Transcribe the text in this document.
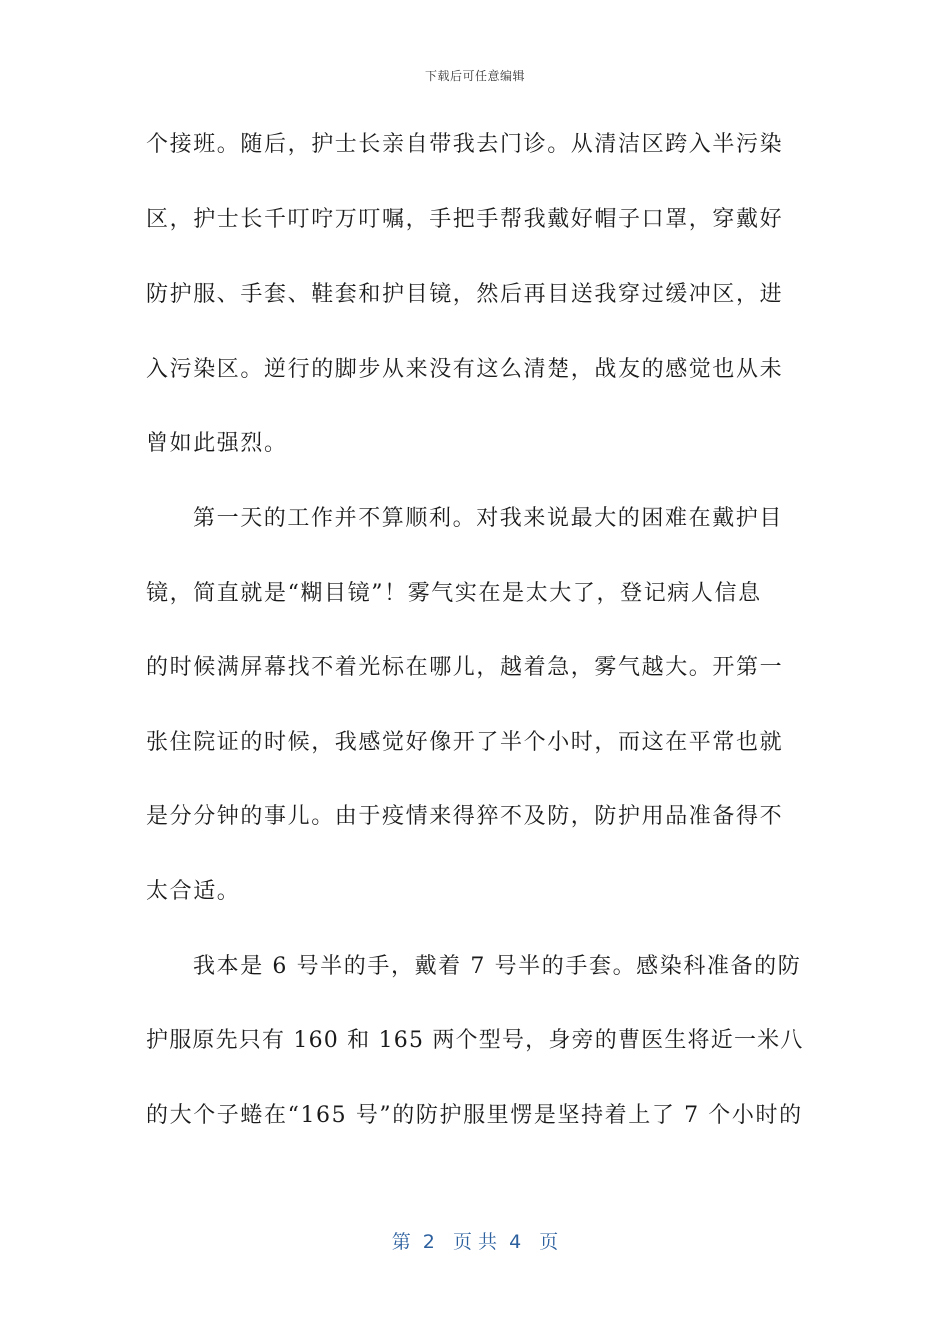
下载后可任意编辑
个接班。随后，护士长亲自带我去门诊。从清洁区跨入半污染
区，护士长千叮咛万叮嘱，手把手帮我戴好帽子口罩，穿戴好
防护服、手套、鞋套和护目镜，然后再目送我穿过缓冲区，进
入污染区。逆行的脚步从来没有这么清楚，战友的感觉也从未
曾如此强烈。
第一天的工作并不算顺利。对我来说最大的困难在戴护目
镜，简直就是“糊目镜”！雾气实在是太大了，登记病人信息
的时候满屏幕找不着光标在哪儿，越着急，雾气越大。开第一
张住院证的时候，我感觉好像开了半个小时，而这在平常也就
是分分钟的事儿。由于疫情来得猝不及防，防护用品准备得不
太合适。
我本是 6 号半的手，戴着 7 号半的手套。感染科准备的防
护服原先只有 160 和 165 两个型号，身旁的曹医生将近一米八
的大个子蜷在“165 号”的防护服里愣是坚持着上了 7 个小时的
第  2   页 共  4   页
